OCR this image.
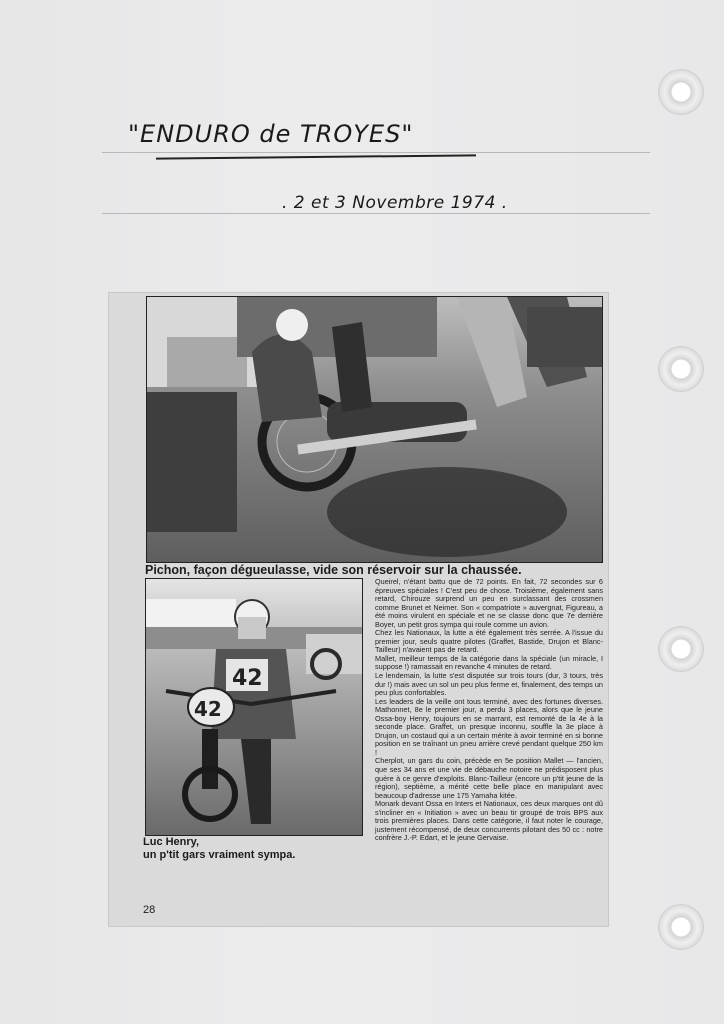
"ENDURO de TROYES"
. 2 et 3 Novembre 1974 .
Pichon, façon dégueulasse, vide son réservoir sur la chaussée.
42
42
Luc Henry,
un p'tit gars vraiment sympa.
28

Queirel, n'étant battu que de 72 points. En fait, 72 secondes sur 6 épreuves spéciales ! C'est peu de chose. Troisième, également sans retard, Chirouze surprend un peu en surclassant des crossmen comme Brunet et Neimer. Son « compatriote » auvergnat, Figureau, a été moins virulent en spéciale et ne se classe donc que 7e derrière Boyer, un petit gros sympa qui roule comme un avion.

Chez les Nationaux, la lutte a été également très serrée. A l'issue du premier jour, seuls quatre pilotes (Graffet, Bastide, Drujon et Blanc-Tailleur) n'avaient pas de retard.

Mallet, meilleur temps de la catégorie dans la spéciale (un miracle, I suppose !) ramassait en revanche 4 minutes de retard.

Le lendemain, la lutte s'est disputée sur trois tours (dur, 3 tours, très dur !) mais avec un sol un peu plus ferme et, finalement, des temps un peu plus confortables.

Les leaders de la veille ont tous terminé, avec des fortunes diverses. Mathonnet, 8e le premier jour, a perdu 3 places, alors que le jeune Ossa-boy Henry, toujours en se marrant, est remonté de la 4e à la seconde place. Graffet, un presque inconnu, souffle la 3e place à Drujon, un costaud qui a un certain mérite à avoir terminé en si bonne position en se traînant un pneu arrière crevé pendant quelque 250 km !

Cherplot, un gars du coin, précède en 5e position Mallet — l'ancien, que ses 34 ans et une vie de débauche notoire ne prédisposent plus guère à ce genre d'exploits. Blanc-Tailleur (encore un p'tit jeune de la région), septième, a mérité cette belle place en manipulant avec beaucoup d'adresse une 175 Yamaha kitée.

Monark devant Ossa en Inters et Nationaux, ces deux marques ont dû s'incliner en « Initiation » avec un beau tir groupé de trois BPS aux trois premières places. Dans cette catégorie, il faut noter le courage, justement récompensé, de deux concurrents pilotant des 50 cc : notre confrère J.-P. Edart, et le jeune Gervaise.
